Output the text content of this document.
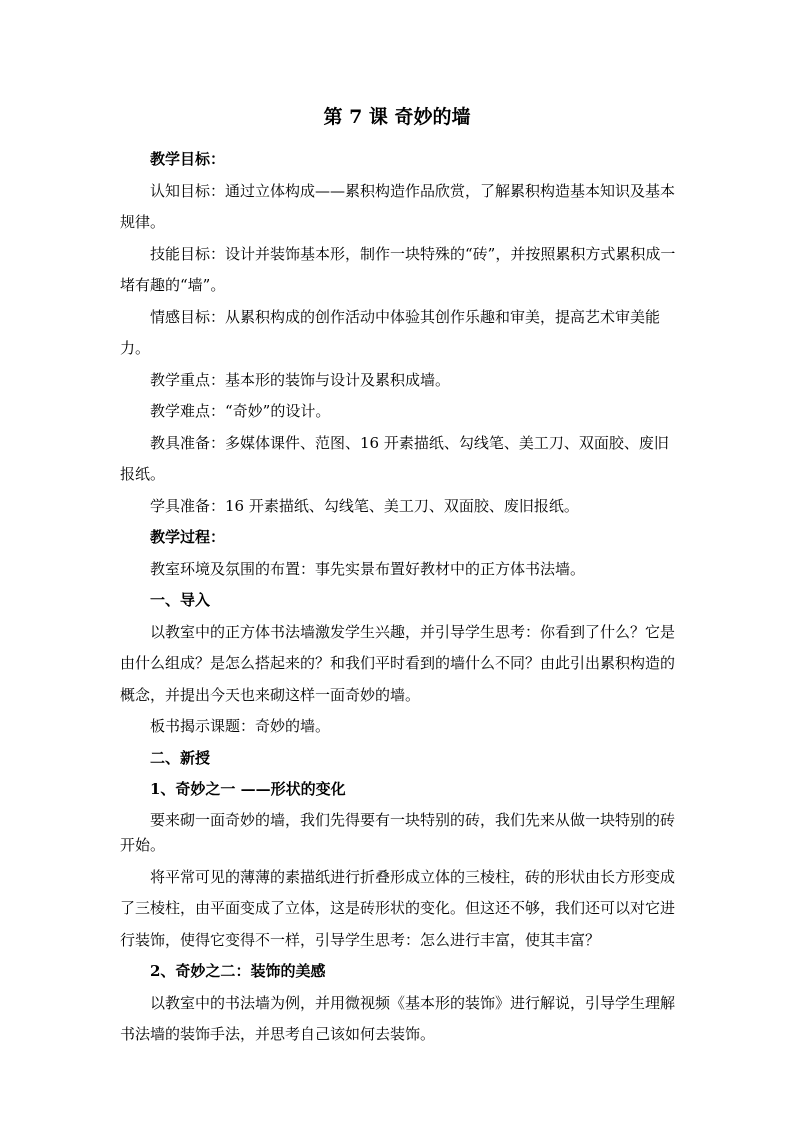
第 7 课 奇妙的墙

教学目标：

认知目标：通过立体构成——累积构造作品欣赏，了解累积构造基本知识及基本规律。

技能目标：设计并装饰基本形，制作一块特殊的“砖”，并按照累积方式累积成一堵有趣的“墙”。

情感目标：从累积构成的创作活动中体验其创作乐趣和审美，提高艺术审美能力。

教学重点：基本形的装饰与设计及累积成墙。

教学难点：“奇妙”的设计。

教具准备：多媒体课件、范图、16 开素描纸、勾线笔、美工刀、双面胶、废旧报纸。

学具准备：16 开素描纸、勾线笔、美工刀、双面胶、废旧报纸。

教学过程：

教室环境及氛围的布置：事先实景布置好教材中的正方体书法墙。

一、导入

以教室中的正方体书法墙激发学生兴趣，并引导学生思考：你看到了什么？它是由什么组成？是怎么搭起来的？和我们平时看到的墙什么不同？由此引出累积构造的概念，并提出今天也来砌这样一面奇妙的墙。

板书揭示课题：奇妙的墙。

二、新授

1、奇妙之一 ——形状的变化

要来砌一面奇妙的墙，我们先得要有一块特别的砖，我们先来从做一块特别的砖开始。

将平常可见的薄薄的素描纸进行折叠形成立体的三棱柱，砖的形状由长方形变成了三棱柱，由平面变成了立体，这是砖形状的变化。但这还不够，我们还可以对它进行装饰，使得它变得不一样，引导学生思考：怎么进行丰富，使其丰富？

2、奇妙之二：装饰的美感

以教室中的书法墙为例，并用微视频《基本形的装饰》进行解说，引导学生理解书法墙的装饰手法，并思考自己该如何去装饰。
